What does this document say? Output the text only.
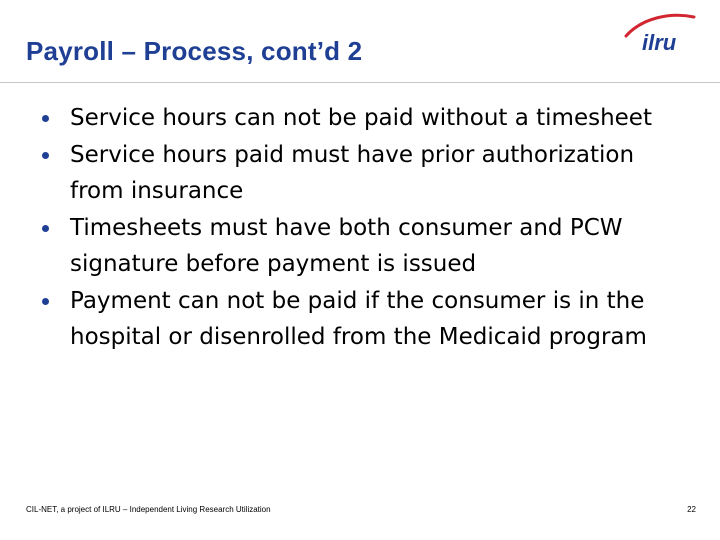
Payroll – Process, cont’d 2	ilru
Service hours can not be paid without a timesheet
Service hours paid must have prior authorization from insurance
Timesheets must have both consumer and PCW signature before payment is issued
Payment can not be paid if the consumer is in the hospital or disenrolled from the Medicaid program
CIL-NET, a project of ILRU – Independent Living Research Utilization	22
